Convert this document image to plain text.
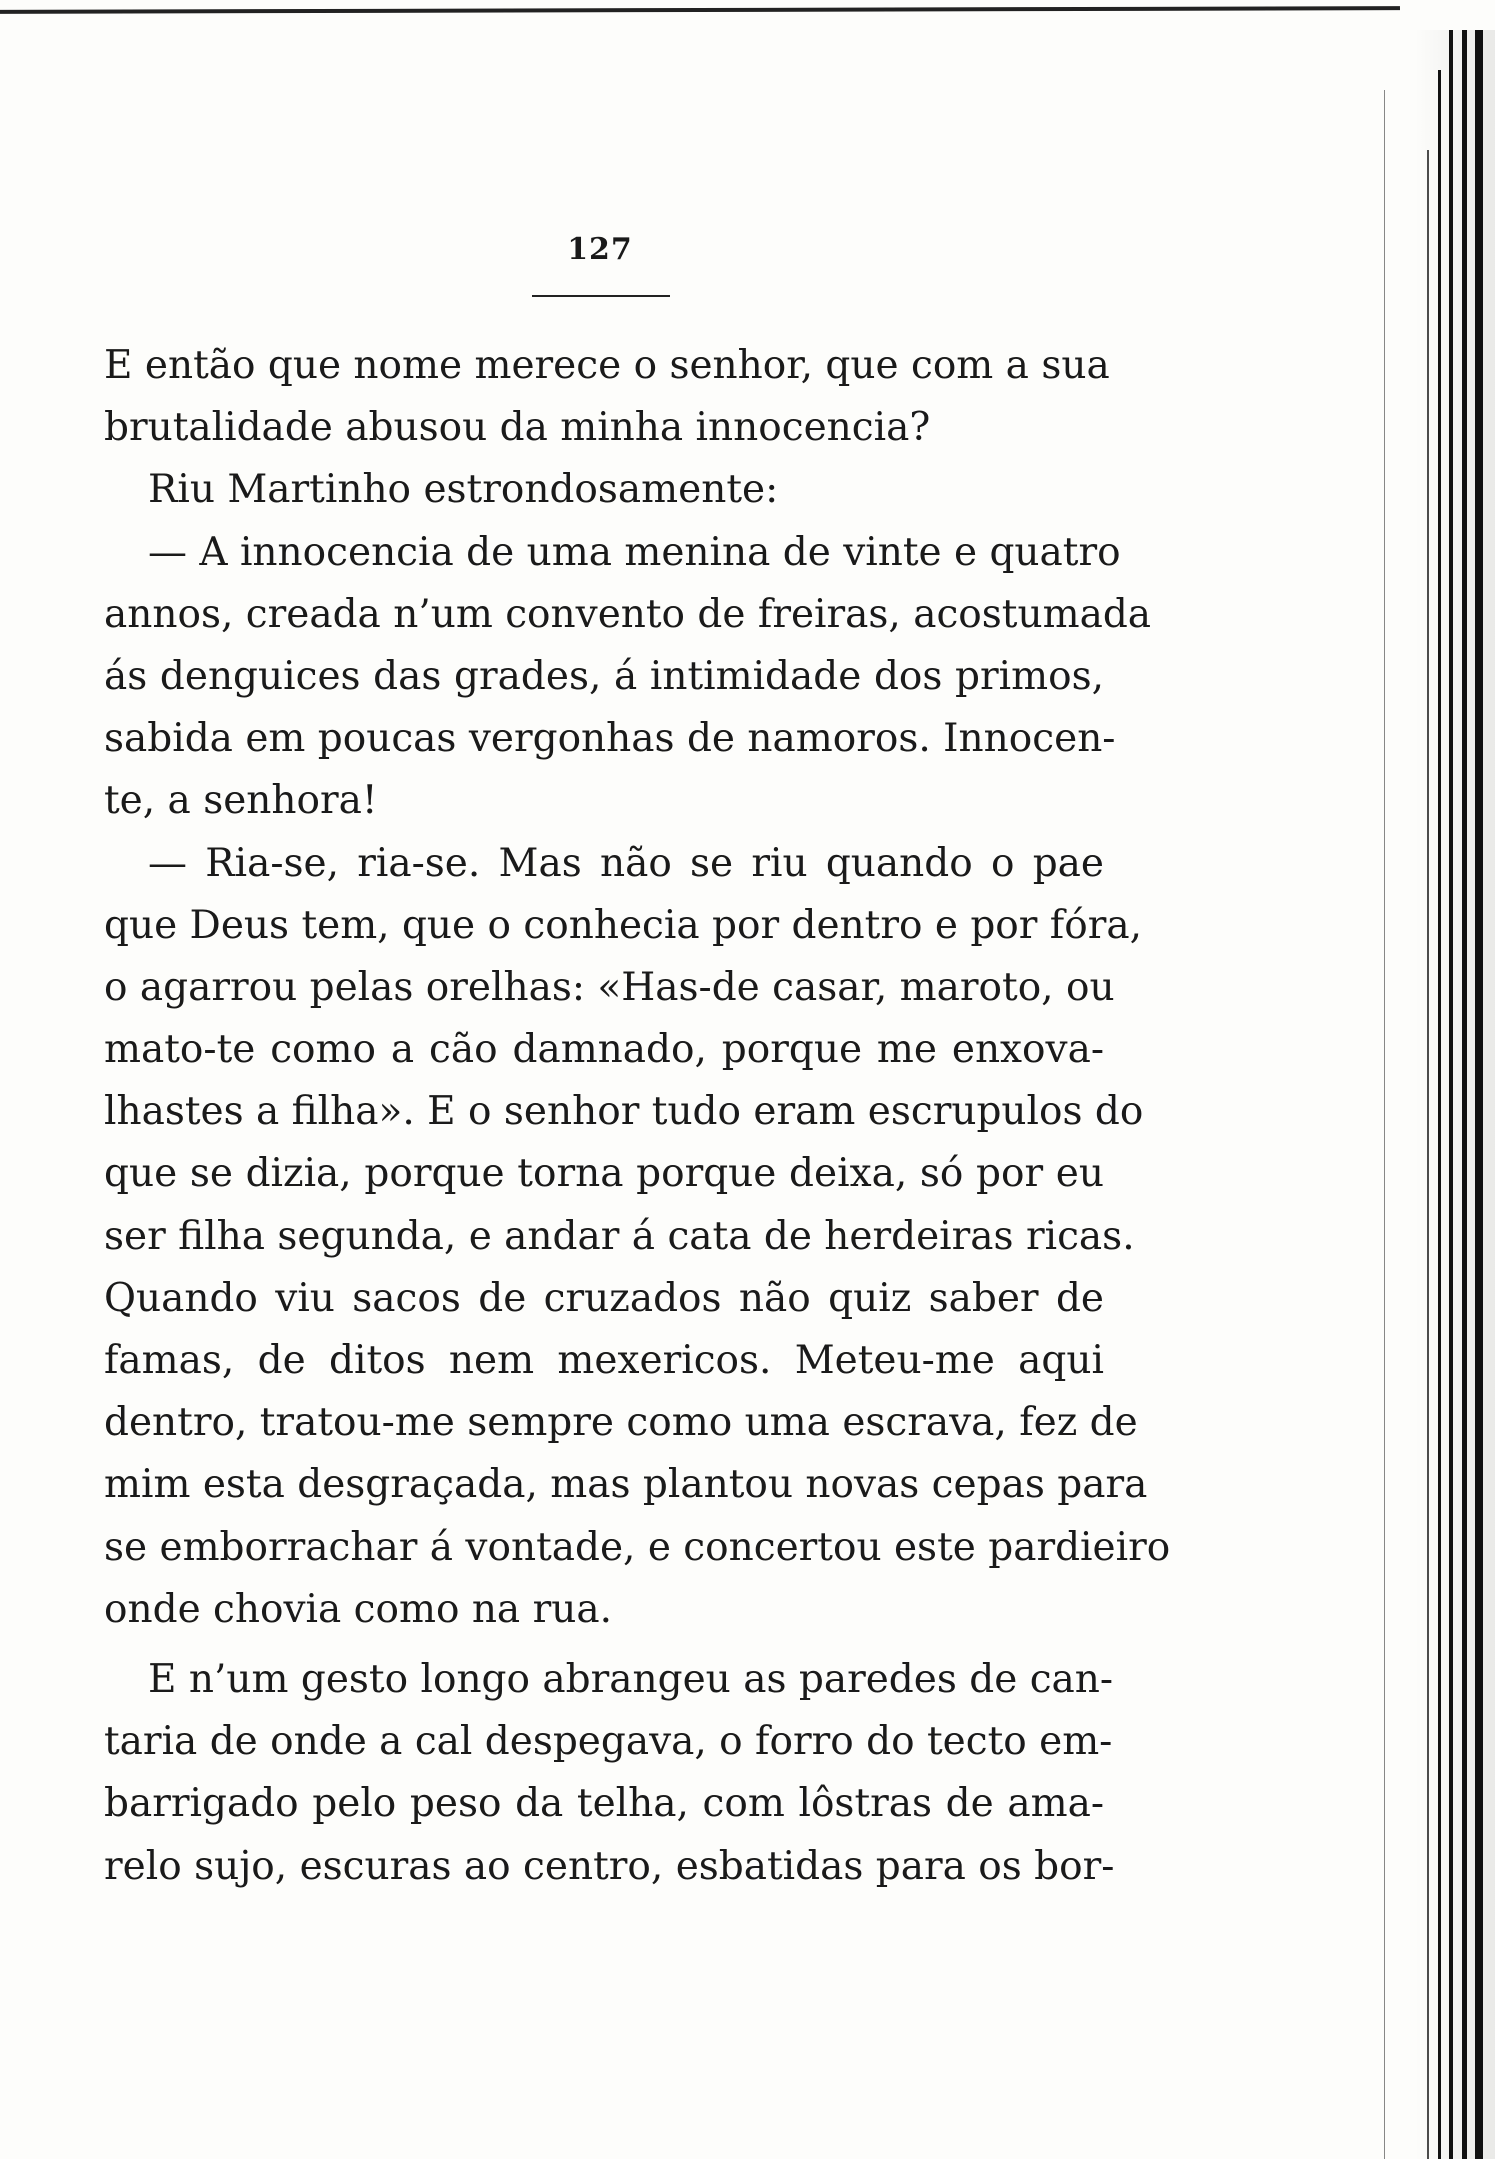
127
E então que nome merece o senhor, que com a sua
brutalidade abusou da minha innocencia?
Riu Martinho estrondosamente:
— A innocencia de uma menina de vinte e quatro
annos, creada n’um convento de freiras, acostumada
ás denguices das grades, á intimidade dos primos,
sabida em poucas vergonhas de namoros. Innocen-
te, a senhora!
— Ria-se, ria-se. Mas não se riu quando o pae
que Deus tem, que o conhecia por dentro e por fóra,
o agarrou pelas orelhas: «Has-de casar, maroto, ou
mato-te como a cão damnado, porque me enxova-
lhastes a filha». E o senhor tudo eram escrupulos do
que se dizia, porque torna porque deixa, só por eu
ser filha segunda, e andar á cata de herdeiras ricas.
Quando viu sacos de cruzados não quiz saber de
famas, de ditos nem mexericos. Meteu-me aqui
dentro, tratou-me sempre como uma escrava, fez de
mim esta desgraçada, mas plantou novas cepas para
se emborrachar á vontade, e concertou este pardieiro
onde chovia como na rua.
E n’um gesto longo abrangeu as paredes de can-
taria de onde a cal despegava, o forro do tecto em-
barrigado pelo peso da telha, com lôstras de ama-
relo sujo, escuras ao centro, esbatidas para os bor-
